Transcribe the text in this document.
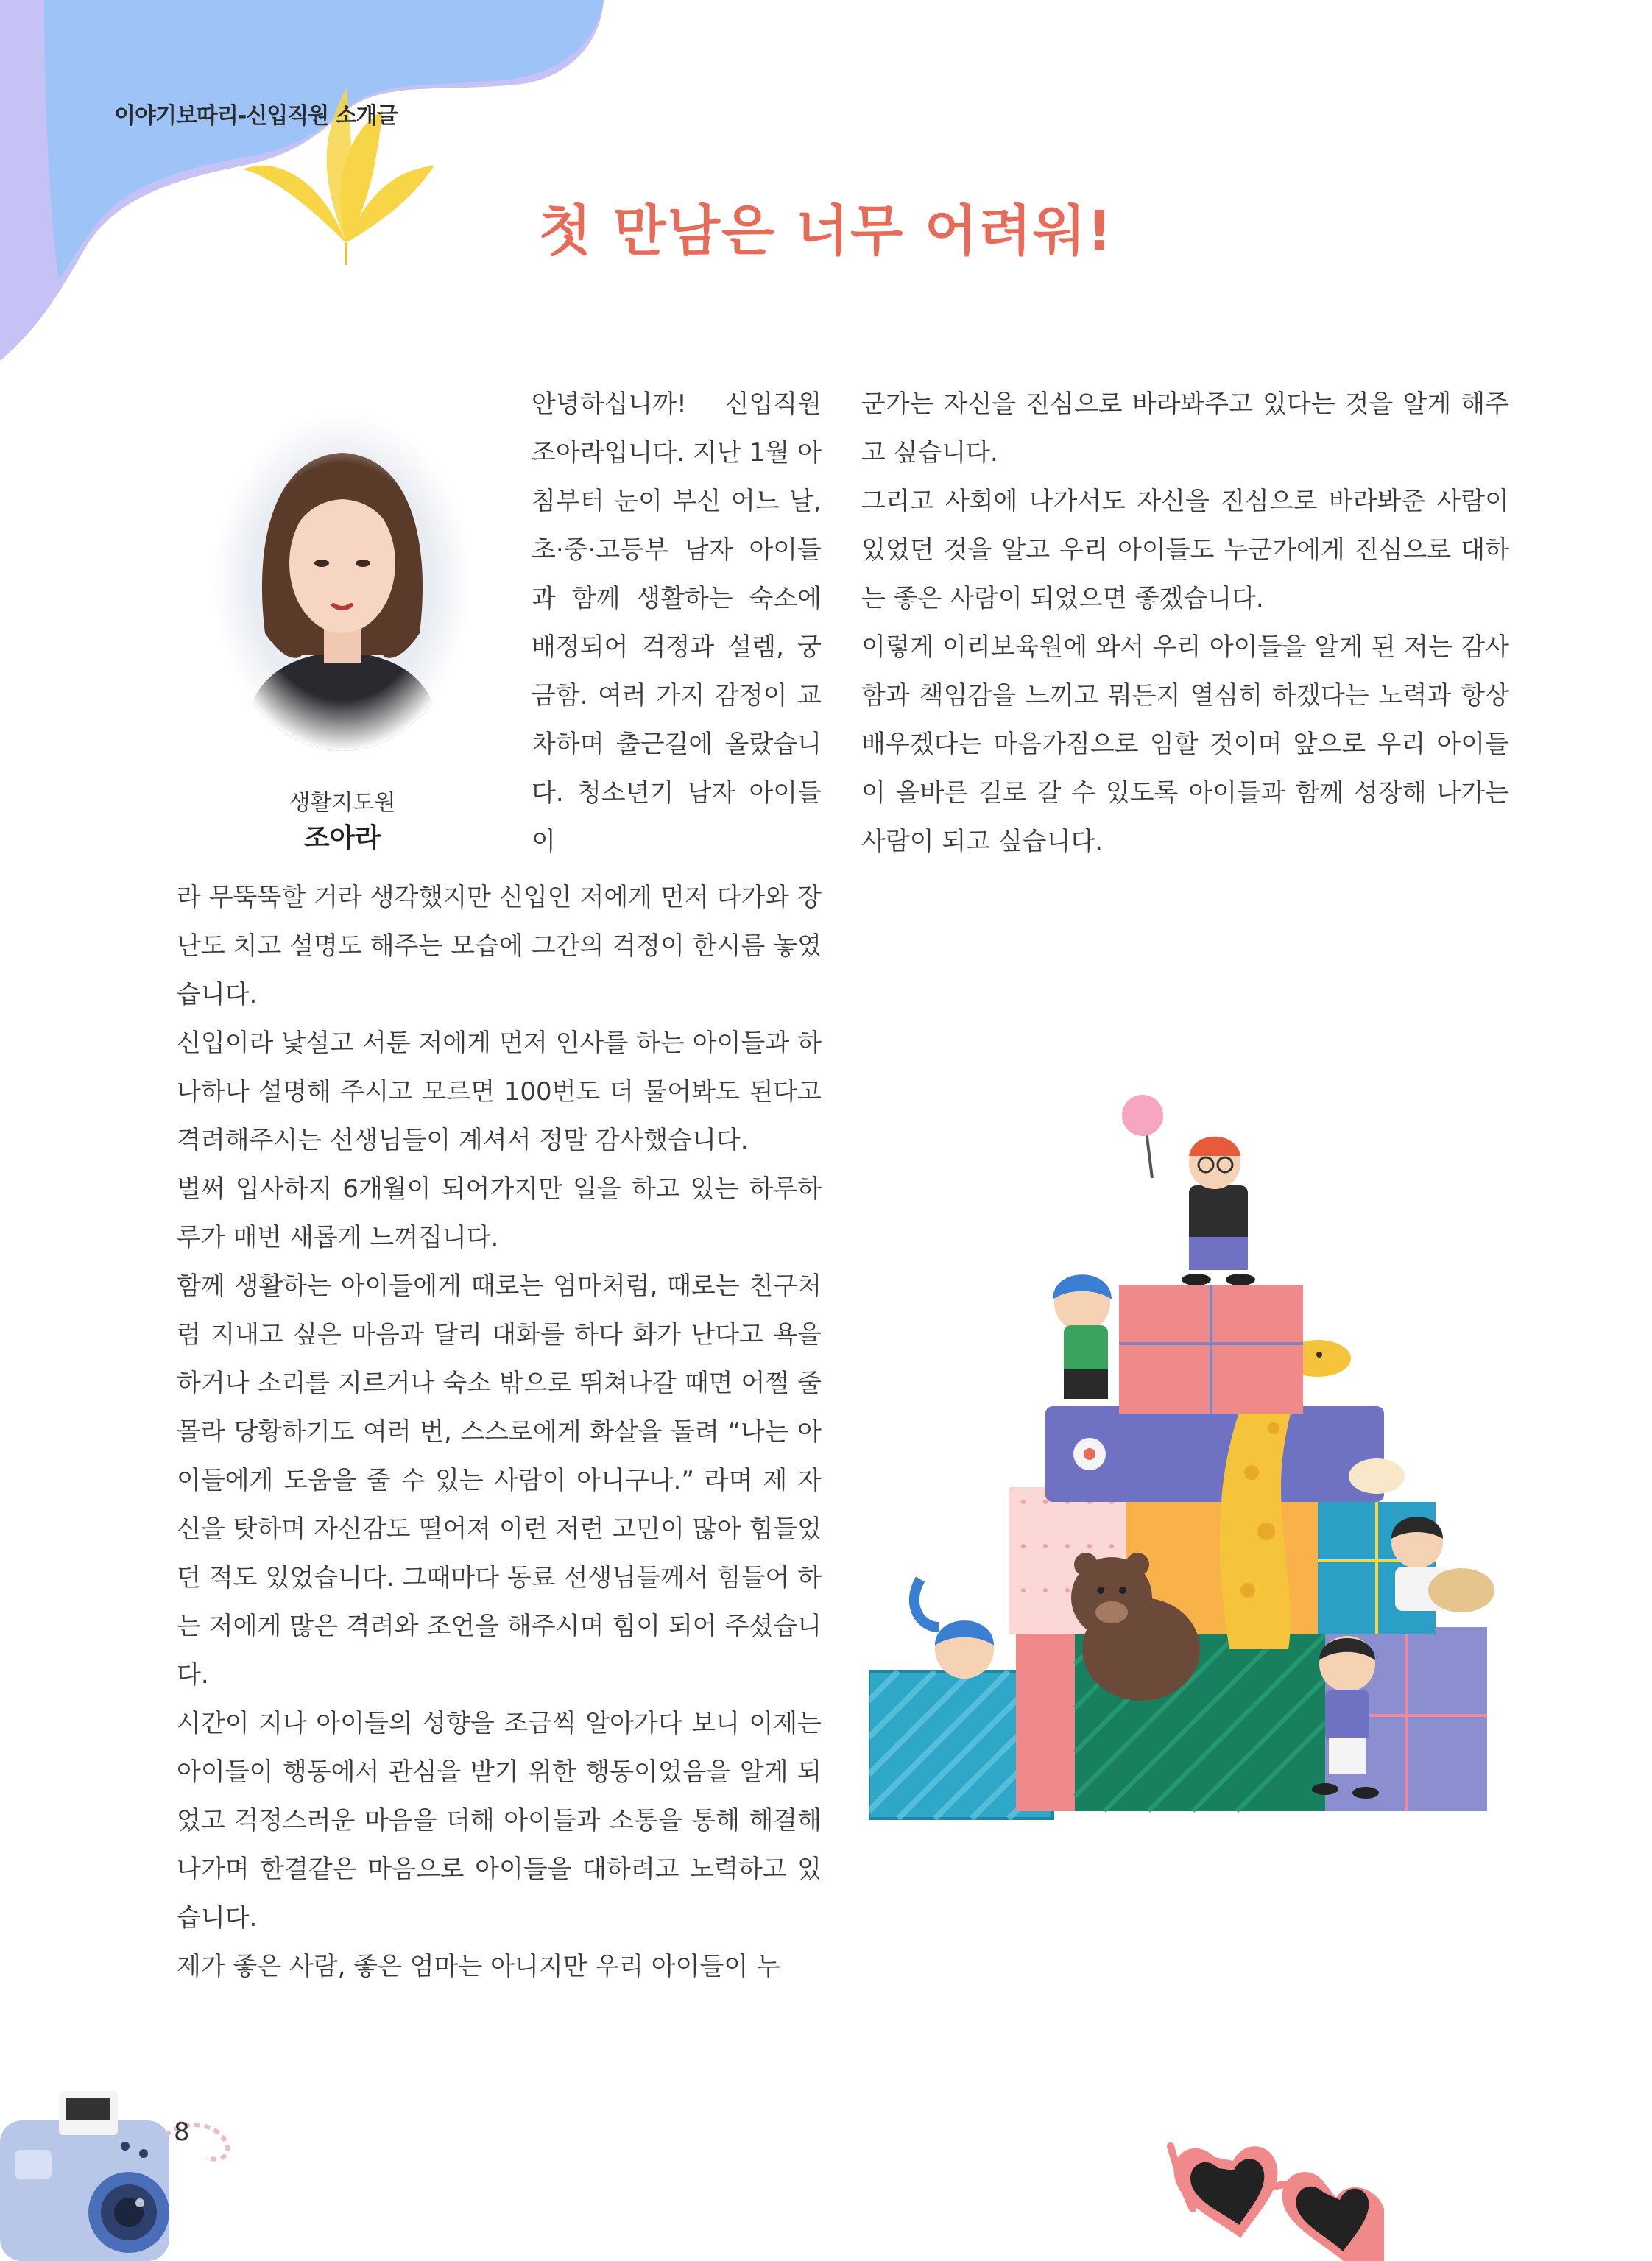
이야기보따리-신입직원 소개글
첫 만남은 너무 어려워!
생활지도원
조아라

안녕하십니까! 신입직원 조아라입니다. 지난 1월 아침부터 눈이 부신 어느 날, 초·중·고등부 남자 아이들과 함께 생활하는 숙소에 배정되어 걱정과 설렘, 궁금함. 여러 가지 감정이 교차하며 출근길에 올랐습니다. 청소년기 남자 아이들이

라 무뚝뚝할 거라 생각했지만 신입인 저에게 먼저 다가와 장난도 치고 설명도 해주는 모습에 그간의 걱정이 한시름 놓였습니다.

신입이라 낯설고 서툰 저에게 먼저 인사를 하는 아이들과 하나하나 설명해 주시고 모르면 100번도 더 물어봐도 된다고 격려해주시는 선생님들이 계셔서 정말 감사했습니다.

벌써 입사하지 6개월이 되어가지만 일을 하고 있는 하루하루가 매번 새롭게 느껴집니다.

함께 생활하는 아이들에게 때로는 엄마처럼, 때로는 친구처럼 지내고 싶은 마음과 달리 대화를 하다 화가 난다고 욕을 하거나 소리를 지르거나 숙소 밖으로 뛰쳐나갈 때면 어쩔 줄 몰라 당황하기도 여러 번, 스스로에게 화살을 돌려 “나는 아이들에게 도움을 줄 수 있는 사람이 아니구나.” 라며 제 자신을 탓하며 자신감도 떨어져 이런 저런 고민이 많아 힘들었던 적도 있었습니다. 그때마다 동료 선생님들께서 힘들어 하는 저에게 많은 격려와 조언을 해주시며 힘이 되어 주셨습니다.

시간이 지나 아이들의 성향을 조금씩 알아가다 보니 이제는 아이들이 행동에서 관심을 받기 위한 행동이었음을 알게 되었고 걱정스러운 마음을 더해 아이들과 소통을 통해 해결해 나가며 한결같은 마음으로 아이들을 대하려고 노력하고 있습니다.

제가 좋은 사람, 좋은 엄마는 아니지만 우리 아이들이 누

군가는 자신을 진심으로 바라봐주고 있다는 것을 알게 해주고 싶습니다.

그리고 사회에 나가서도 자신을 진심으로 바라봐준 사람이 있었던 것을 알고 우리 아이들도 누군가에게 진심으로 대하는 좋은 사람이 되었으면 좋겠습니다.

이렇게 이리보육원에 와서 우리 아이들을 알게 된 저는 감사함과 책임감을 느끼고 뭐든지 열심히 하겠다는 노력과 항상 배우겠다는 마음가짐으로 임할 것이며 앞으로 우리 아이들이 올바른 길로 갈 수 있도록 아이들과 함께 성장해 나가는 사람이 되고 싶습니다.

8
